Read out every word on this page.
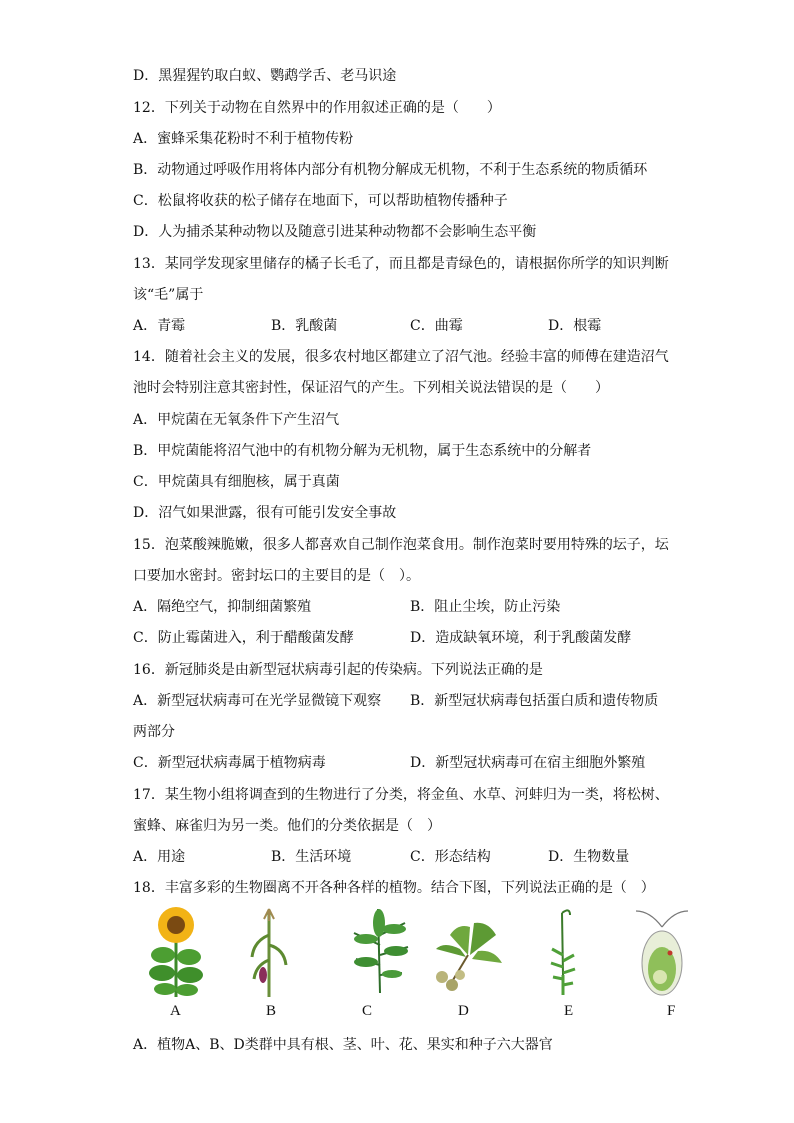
D．黑猩猩钓取白蚁、鹦鹉学舌、老马识途
12．下列关于动物在自然界中的作用叙述正确的是（　　）
A．蜜蜂采集花粉时不利于植物传粉
B．动物通过呼吸作用将体内部分有机物分解成无机物，不利于生态系统的物质循环
C．松鼠将收获的松子储存在地面下，可以帮助植物传播种子
D．人为捕杀某种动物以及随意引进某种动物都不会影响生态平衡
13．某同学发现家里储存的橘子长毛了，而且都是青绿色的，请根据你所学的知识判断
该“毛”属于
A．青霉	B．乳酸菌	C．曲霉	D．根霉
14．随着社会主义的发展，很多农村地区都建立了沼气池。经验丰富的师傅在建造沼气
池时会特别注意其密封性，保证沼气的产生。下列相关说法错误的是（　　）
A．甲烷菌在无氧条件下产生沼气
B．甲烷菌能将沼气池中的有机物分解为无机物，属于生态系统中的分解者
C．甲烷菌具有细胞核，属于真菌
D．沼气如果泄露，很有可能引发安全事故
15．泡菜酸辣脆嫩，很多人都喜欢自己制作泡菜食用。制作泡菜时要用特殊的坛子，坛
口要加水密封。密封坛口的主要目的是（　）。
A．隔绝空气，抑制细菌繁殖	B．阻止尘埃，防止污染
C．防止霉菌进入，利于醋酸菌发酵	D．造成缺氧环境，利于乳酸菌发酵
16．新冠肺炎是由新型冠状病毒引起的传染病。下列说法正确的是
A．新型冠状病毒可在光学显微镜下观察 B．新型冠状病毒包括蛋白质和遗传物质
两部分
C．新型冠状病毒属于植物病毒	D．新型冠状病毒可在宿主细胞外繁殖
17．某生物小组将调查到的生物进行了分类，将金鱼、水草、河蚌归为一类，将松树、
蜜蜂、麻雀归为另一类。他们的分类依据是（　）
A．用途	B．生活环境	C．形态结构	D．生物数量
18．丰富多彩的生物圈离不开各种各样的植物。结合下图，下列说法正确的是（　）
A	B	C	D	E	F
A．植物A、B、D类群中具有根、茎、叶、花、果实和种子六大器官
